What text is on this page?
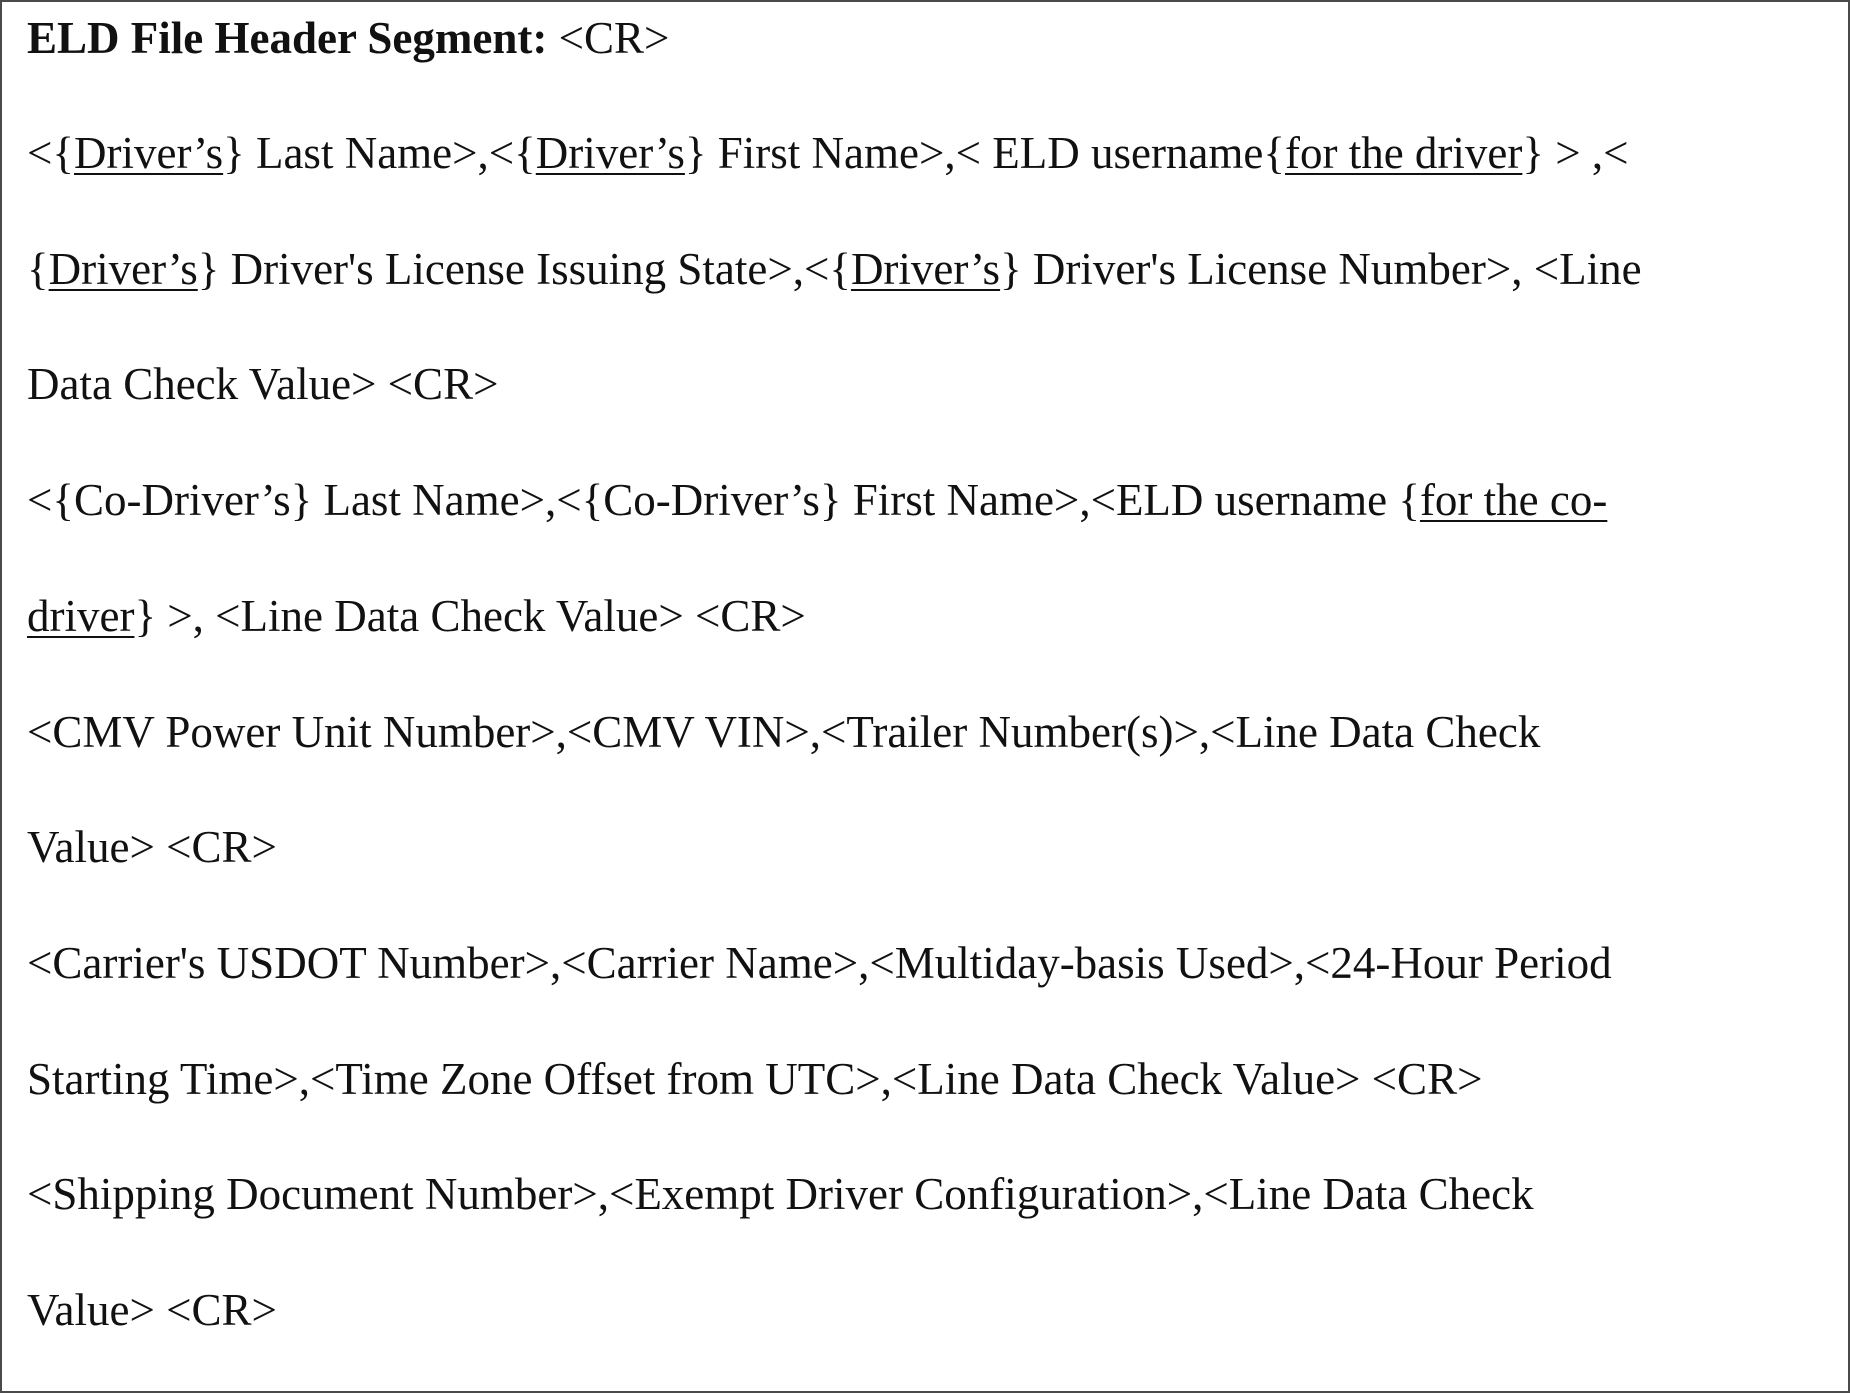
ELD File Header Segment: <CR>
<{Driver’s} Last Name>,<{Driver’s} First Name>,< ELD username{for the driver} > ,<
{Driver’s} Driver's License Issuing State>,<{Driver’s} Driver's License Number>, <Line
Data Check Value> <CR>
<{Co-Driver’s} Last Name>,<{Co-Driver’s} First Name>,<ELD username {for the co-
driver} >, <Line Data Check Value> <CR>
<CMV Power Unit Number>,<CMV VIN>,<Trailer Number(s)>,<Line Data Check
Value> <CR>
<Carrier's USDOT Number>,<Carrier Name>,<Multiday-basis Used>,<24-Hour Period
Starting Time>,<Time Zone Offset from UTC>,<Line Data Check Value> <CR>
<Shipping Document Number>,<Exempt Driver Configuration>,<Line Data Check
Value> <CR>
